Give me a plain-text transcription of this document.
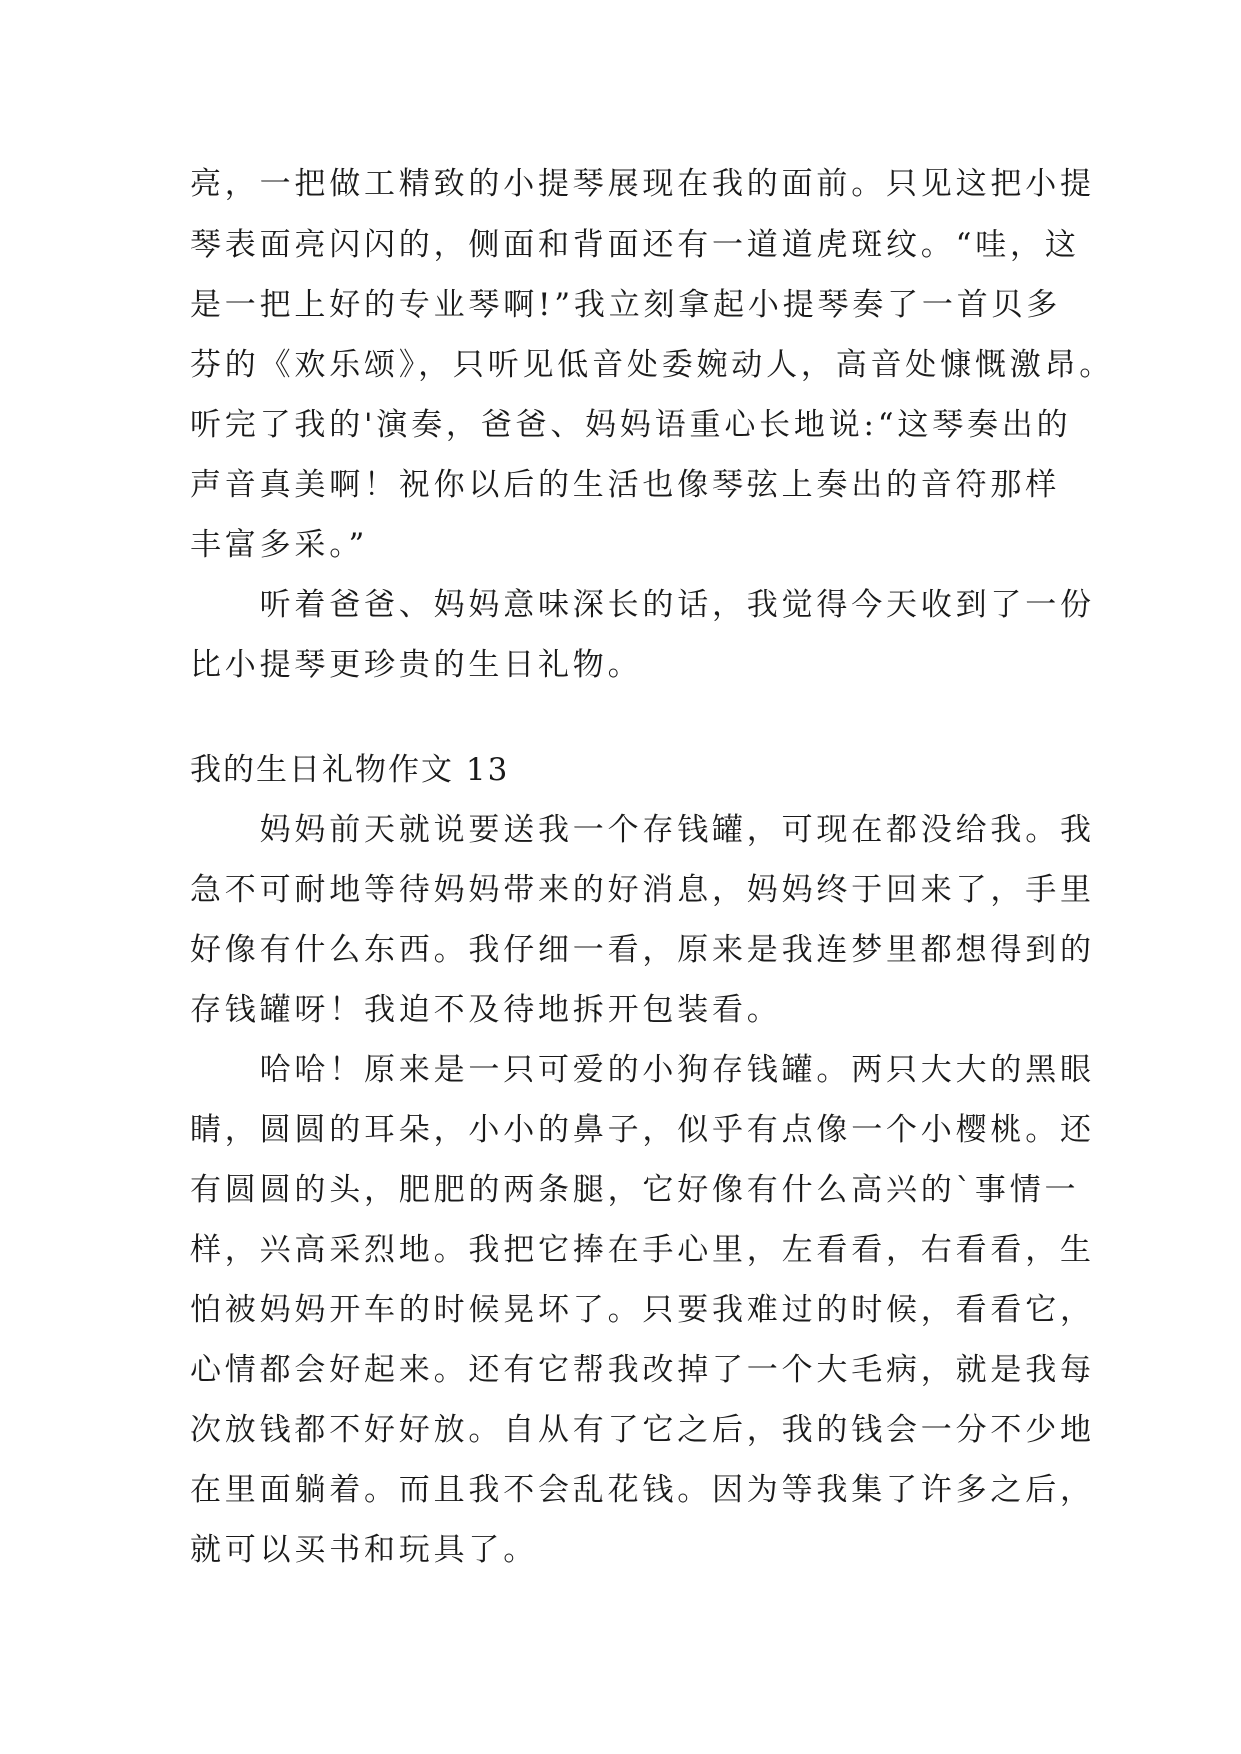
亮，一把做工精致的小提琴展现在我的面前。只见这把小提
琴表面亮闪闪的，侧面和背面还有一道道虎斑纹。“哇，这
是一把上好的专业琴啊!”我立刻拿起小提琴奏了一首贝多
芬的《欢乐颂》，只听见低音处委婉动人，高音处慷慨激昂。
听完了我的'演奏，爸爸、妈妈语重心长地说:“这琴奏出的
声音真美啊！祝你以后的生活也像琴弦上奏出的音符那样
丰富多采。”
　　听着爸爸、妈妈意味深长的话，我觉得今天收到了一份
比小提琴更珍贵的生日礼物。
我的生日礼物作文 13
　　妈妈前天就说要送我一个存钱罐，可现在都没给我。我
急不可耐地等待妈妈带来的好消息，妈妈终于回来了，手里
好像有什么东西。我仔细一看，原来是我连梦里都想得到的
存钱罐呀！我迫不及待地拆开包装看。
　　哈哈！原来是一只可爱的小狗存钱罐。两只大大的黑眼
睛，圆圆的耳朵，小小的鼻子，似乎有点像一个小樱桃。还
有圆圆的头，肥肥的两条腿，它好像有什么高兴的`事情一
样，兴高采烈地。我把它捧在手心里，左看看，右看看，生
怕被妈妈开车的时候晃坏了。只要我难过的时候，看看它，
心情都会好起来。还有它帮我改掉了一个大毛病，就是我每
次放钱都不好好放。自从有了它之后，我的钱会一分不少地
在里面躺着。而且我不会乱花钱。因为等我集了许多之后，
就可以买书和玩具了。
